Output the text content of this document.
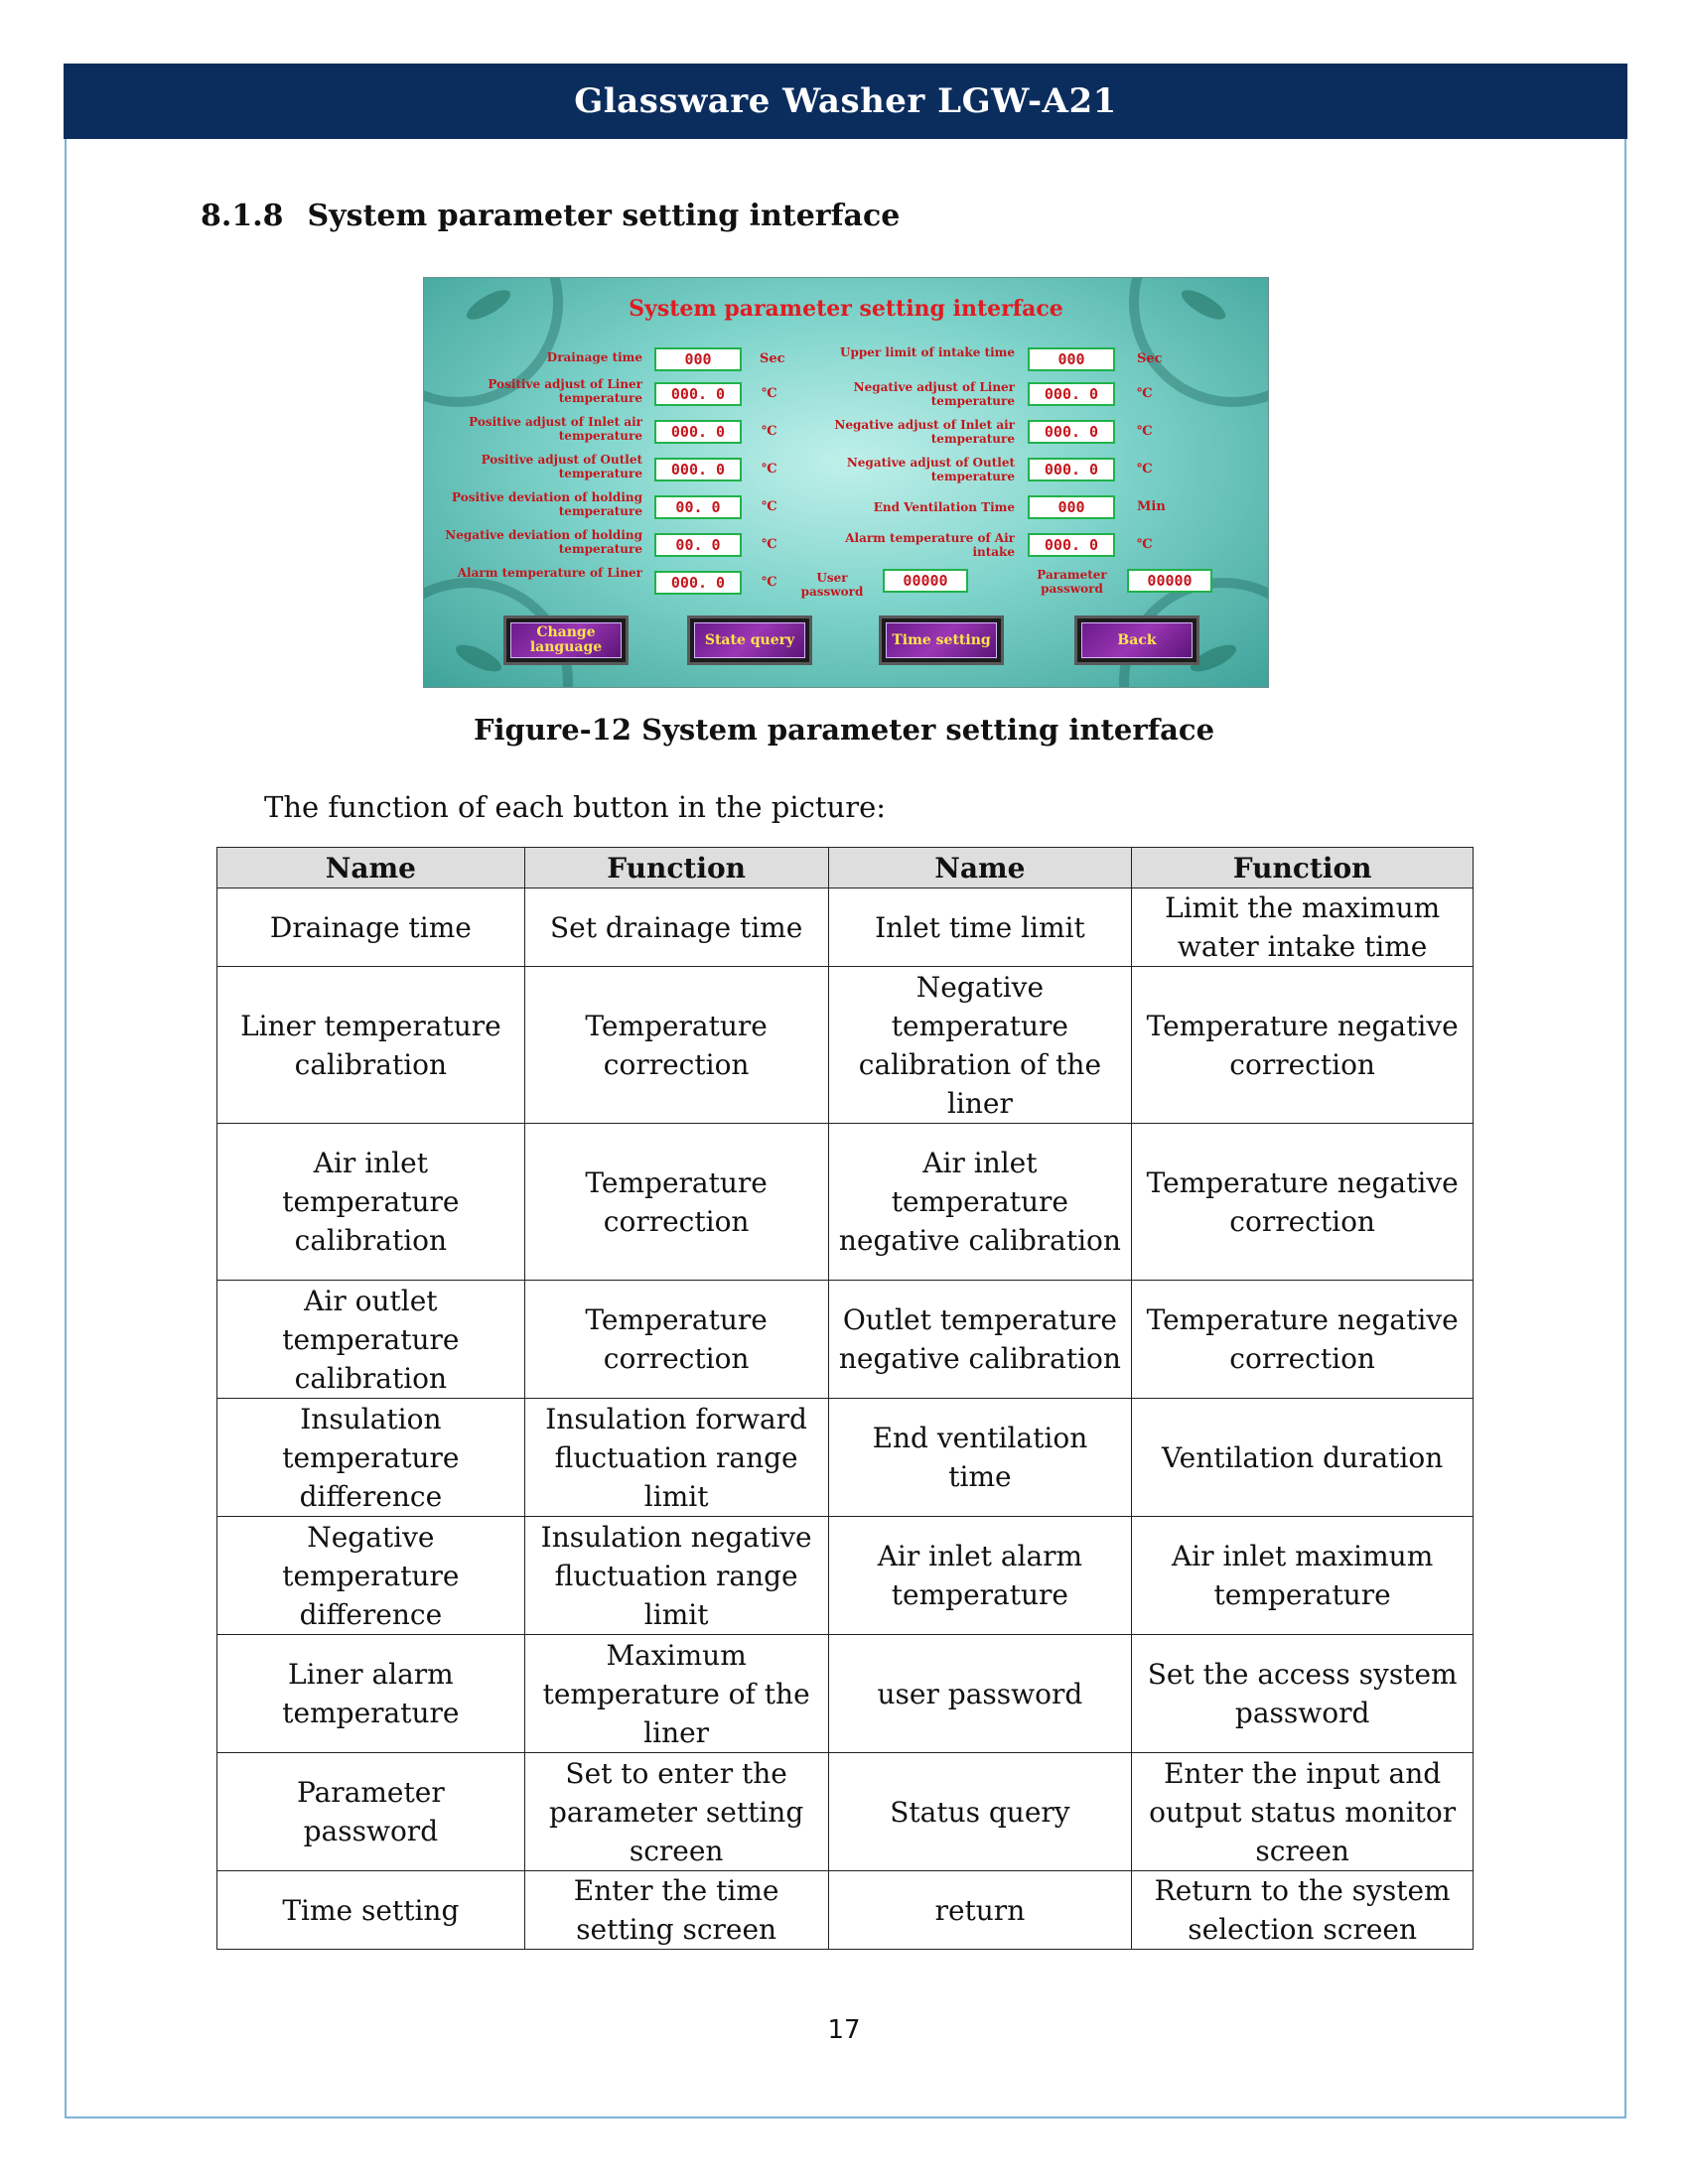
Glassware Washer LGW-A21
8.1.8 System parameter setting interface
System parameter setting interface
Drainage time	000	Sec
Positive adjust of Liner temperature	000. 0	℃
Positive adjust of Inlet air temperature	000. 0	℃
Positive adjust of Outlet temperature	000. 0	℃
Positive deviation of holding temperature	00. 0	℃
Negative deviation of holding temperature	00. 0	℃
Alarm temperature of Liner
000. 0	℃
Upper limit of intake time	000	Sec
Negative adjust of Liner temperature	000. 0	℃
Negative adjust of Inlet air temperature	000. 0	℃
Negative adjust of Outlet temperature	000. 0	℃
End Ventilation Time	000	Min
Alarm temperature of Air intake	000. 0	℃
User password
00000	Parameter password	00000
Change language	State query	Time setting	Back
Figure-12 System parameter setting interface
The function of each button in the picture:
Name	Function	Name	Function
Drainage time	Set drainage time	Inlet time limit	Limit the maximum water intake time
Liner temperature calibration	Temperature correction	Negative temperature calibration of the liner	Temperature negative correction
Air inlet temperature calibration	Temperature correction	Air inlet temperature negative calibration	Temperature negative correction
Air outlet temperature calibration	Temperature correction	Outlet temperature negative calibration	Temperature negative correction
Insulation temperature difference	Insulation forward fluctuation range limit	End ventilation time	Ventilation duration
Negative temperature difference	Insulation negative fluctuation range limit	Air inlet alarm temperature	Air inlet maximum temperature
Liner alarm temperature	Maximum temperature of the liner	user password	Set the access system password
Parameter password	Set to enter the parameter setting screen	Status query	Enter the input and output status monitor screen
Time setting	Enter the time setting screen	return	Return to the system selection screen
17
